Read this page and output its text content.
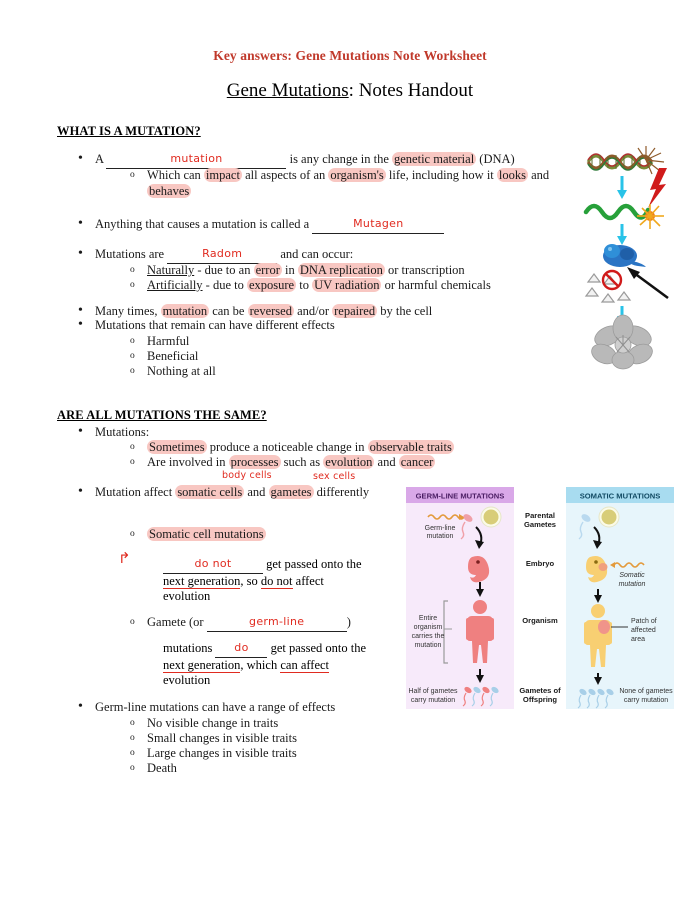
Key answers: Gene Mutations Note Worksheet
Gene Mutations: Notes Handout
WHAT IS A MUTATION?
• A	mutation	is any change in the genetic material (DNA)
o Which can impact all aspects of an organism's life, including how it looks and behaves
• Anything that causes a mutation is called a	Mutagen
• Mutations are	Radom	and can occur:
o Naturally - due to an error in DNA replication or transcription
o Artificially - due to exposure to UV radiation or harmful chemicals
• Many times, mutation can be reversed and/or repaired by the cell
• Mutations that remain can have different effects
o Harmful
o Beneficial
o Nothing at all
ARE ALL MUTATIONS THE SAME?
• Mutations:
o Sometimes produce a noticeable change in observable traits
o Are involved in processes such as evolution and cancer
body cells	sex cells
• Mutation affect somatic cells and gametes differently
o Somatic cell mutations
↰	do not	get passed onto the
next generation, so do not affect
evolution
o Gamete (or	germ-line	)
mutations do get passed onto the
next generation, which can affect
evolution
• Germ-line mutations can have a range of effects
o No visible change in traits
o Small changes in visible traits
o Large changes in visible traits
o Death
GERM-LINE MUTATIONS	SOMATIC MUTATIONS
Parental
Gametes
Embryo
Organism
Gametes of
Offspring
Germ-line
mutation
Entire
organism
carries the
mutation
Half of gametes
carry mutation
Somatic
mutation
Patch of
affected
area
None of gametes
carry mutation
